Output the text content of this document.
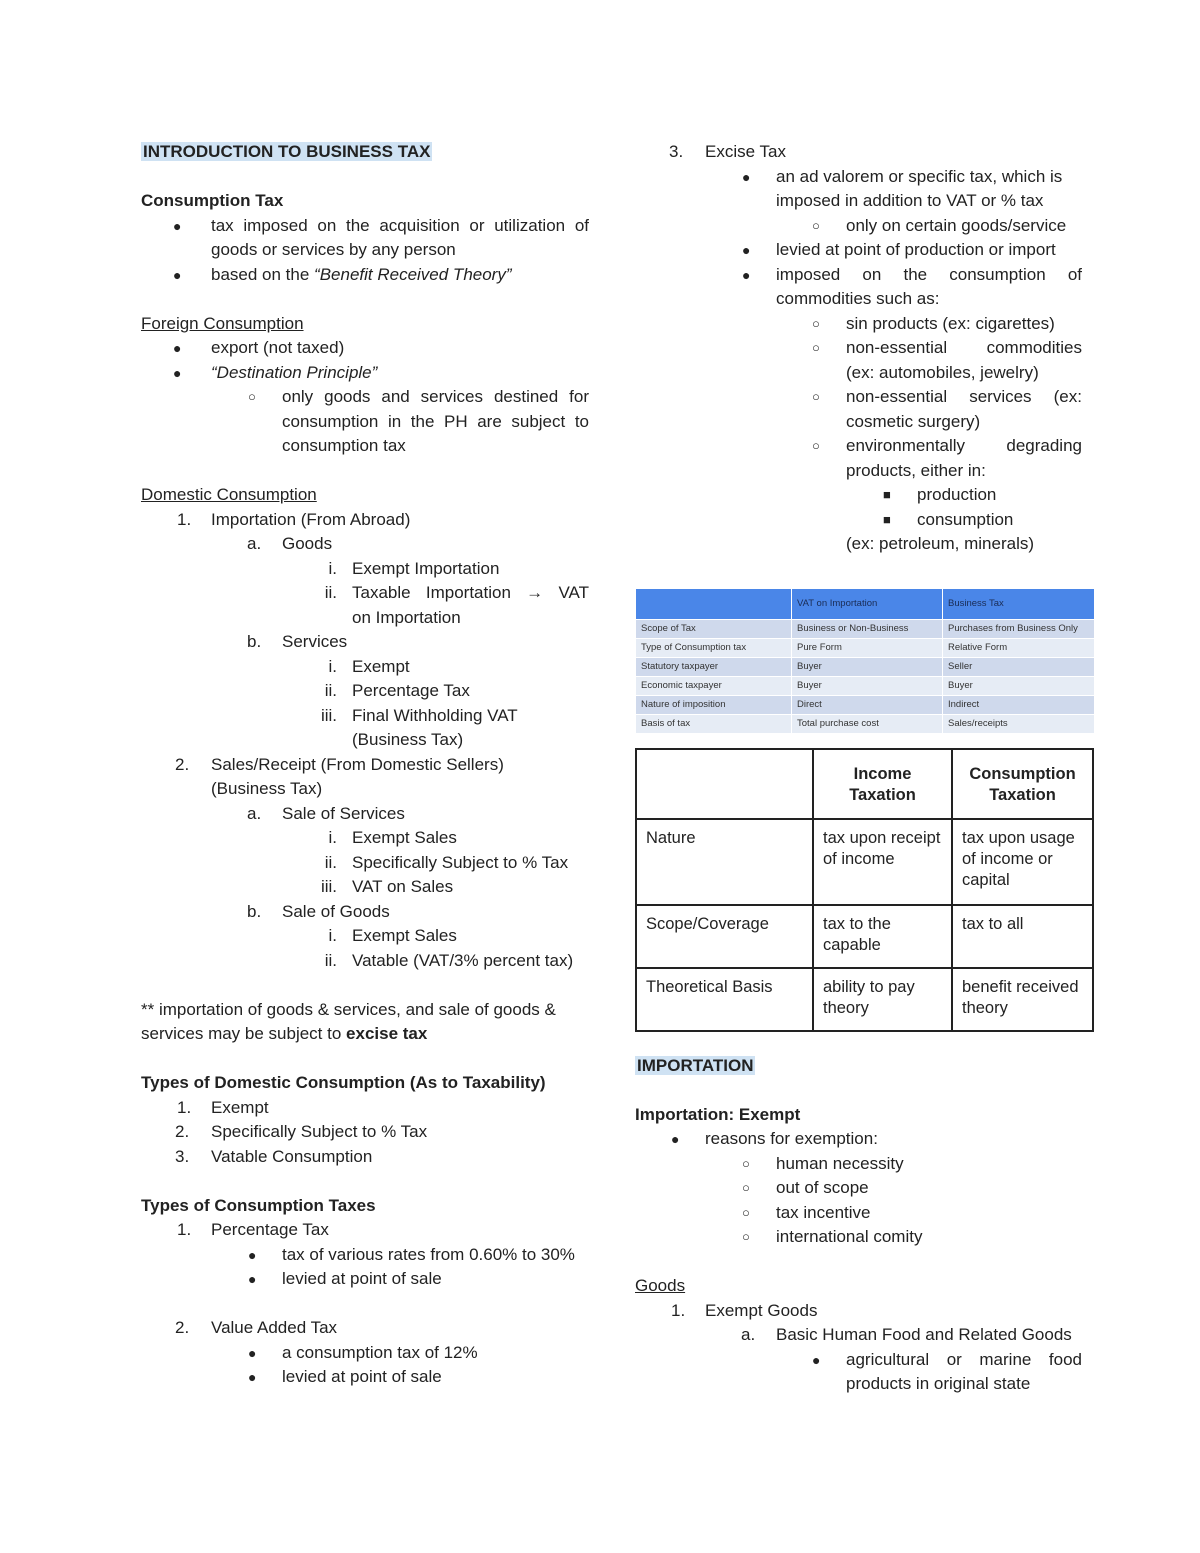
INTRODUCTION TO BUSINESS TAX

Consumption Tax

● tax imposed on the acquisition or utilization of
goods or services by any person
● based on the “Benefit Received Theory”

Foreign Consumption

● export (not taxed)
● “Destination Principle”
○ only goods and services destined for
consumption in the PH are subject to
consumption tax

Domestic Consumption

1. Importation (From Abroad)
a. Goods
i. Exempt Importation
ii. Taxable Importation → VAT
on Importation
b. Services
i. Exempt
ii. Percentage Tax
iii. Final Withholding VAT
(Business Tax)
2. Sales/Receipt (From Domestic Sellers)
(Business Tax)
a. Sale of Services
i. Exempt Sales
ii. Specifically Subject to % Tax
iii. VAT on Sales
b. Sale of Goods
i. Exempt Sales
ii. Vatable (VAT/3% percent tax)
** importation of goods & services, and sale of goods &
services may be subject to excise tax

Types of Domestic Consumption (As to Taxability)

1. Exempt
2. Specifically Subject to % Tax
3. Vatable Consumption

Types of Consumption Taxes

1. Percentage Tax
● tax of various rates from 0.60% to 30%
● levied at point of sale
2. Value Added Tax
● a consumption tax of 12%
● levied at point of sale
3. Excise Tax
● an ad valorem or specific tax, which is
imposed in addition to VAT or % tax
○ only on certain goods/service
● levied at point of production or import
● imposed on the consumption of
commodities such as:
○ sin products (ex: cigarettes)
○ non-essential commodities
(ex: automobiles, jewelry)
○ non-essential services (ex:
cosmetic surgery)
○ environmentally degrading
products, either in:
■ production
■ consumption
(ex: petroleum, minerals)
	VAT on Importation	Business Tax
Scope of Tax	Business or Non-Business	Purchases from Business Only
Type of Consumption tax	Pure Form	Relative Form
Statutory taxpayer	Buyer	Seller
Economic taxpayer	Buyer	Buyer
Nature of imposition	Direct	Indirect
Basis of tax	Total purchase cost	Sales/receipts
	Income Taxation	Consumption Taxation
Nature	tax upon receipt of income	tax upon usage of income or capital
Scope/Coverage	tax to the capable	tax to all
Theoretical Basis	ability to pay theory	benefit received theory

IMPORTATION

Importation: Exempt

● reasons for exemption:
○ human necessity
○ out of scope
○ tax incentive
○ international comity

Goods

1. Exempt Goods
a. Basic Human Food and Related Goods
● agricultural or marine food
products in original state
